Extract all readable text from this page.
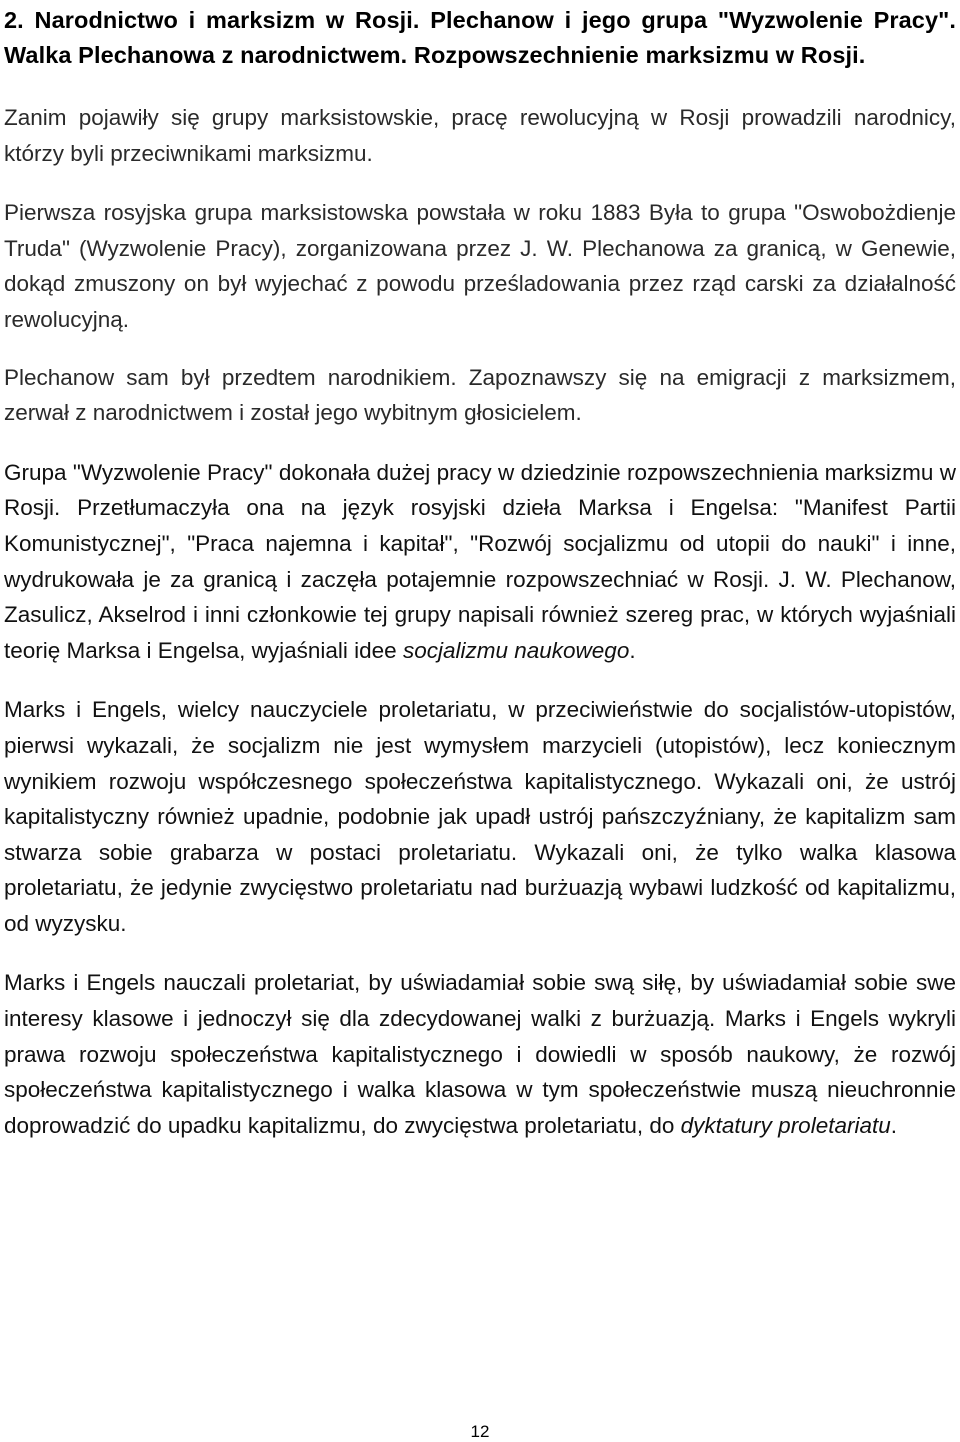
2. Narodnictwo i marksizm w Rosji. Plechanow i jego grupa "Wyzwolenie Pracy". Walka Plechanowa z narodnictwem. Rozpowszechnienie marksizmu w Rosji.

Zanim pojawiły się grupy marksistowskie, pracę rewolucyjną w Rosji prowadzili narodnicy, którzy byli przeciwnikami marksizmu.

Pierwsza rosyjska grupa marksistowska powstała w roku 1883 Była to grupa "Oswobożdienje Truda" (Wyzwolenie Pracy), zorganizowana przez J. W. Plechanowa za granicą, w Genewie, dokąd zmuszony on był wyjechać z powodu prześladowania przez rząd carski za działalność rewolucyjną.

Plechanow sam był przedtem narodnikiem. Zapoznawszy się na emigracji z marksizmem, zerwał z narodnictwem i został jego wybitnym głosicielem.

Grupa "Wyzwolenie Pracy" dokonała dużej pracy w dziedzinie rozpowszechnienia marksizmu w Rosji. Przetłumaczyła ona na język rosyjski dzieła Marksa i Engelsa: "Manifest Partii Komunistycznej", "Praca najemna i kapitał", "Rozwój socjalizmu od utopii do nauki" i inne, wydrukowała je za granicą i zaczęła potajemnie rozpowszechniać w Rosji. J. W. Plechanow, Zasulicz, Akselrod i inni członkowie tej grupy napisali również szereg prac, w których wyjaśniali teorię Marksa i Engelsa, wyjaśniali idee socjalizmu naukowego.

Marks i Engels, wielcy nauczyciele proletariatu, w przeciwieństwie do socjalistów-utopistów, pierwsi wykazali, że socjalizm nie jest wymysłem marzycieli (utopistów), lecz koniecznym wynikiem rozwoju współczesnego społeczeństwa kapitalistycznego. Wykazali oni, że ustrój kapitalistyczny również upadnie, podobnie jak upadł ustrój pańszczyźniany, że kapitalizm sam stwarza sobie grabarza w postaci proletariatu. Wykazali oni, że tylko walka klasowa proletariatu, że jedynie zwycięstwo proletariatu nad burżuazją wybawi ludzkość od kapitalizmu, od wyzysku.

Marks i Engels nauczali proletariat, by uświadamiał sobie swą siłę, by uświadamiał sobie swe interesy klasowe i jednoczył się dla zdecydowanej walki z burżuazją. Marks i Engels wykryli prawa rozwoju społeczeństwa kapitalistycznego i dowiedli w sposób naukowy, że rozwój społeczeństwa kapitalistycznego i walka klasowa w tym społeczeństwie muszą nieuchronnie doprowadzić do upadku kapitalizmu, do zwycięstwa proletariatu, do dyktatury proletariatu.

12
